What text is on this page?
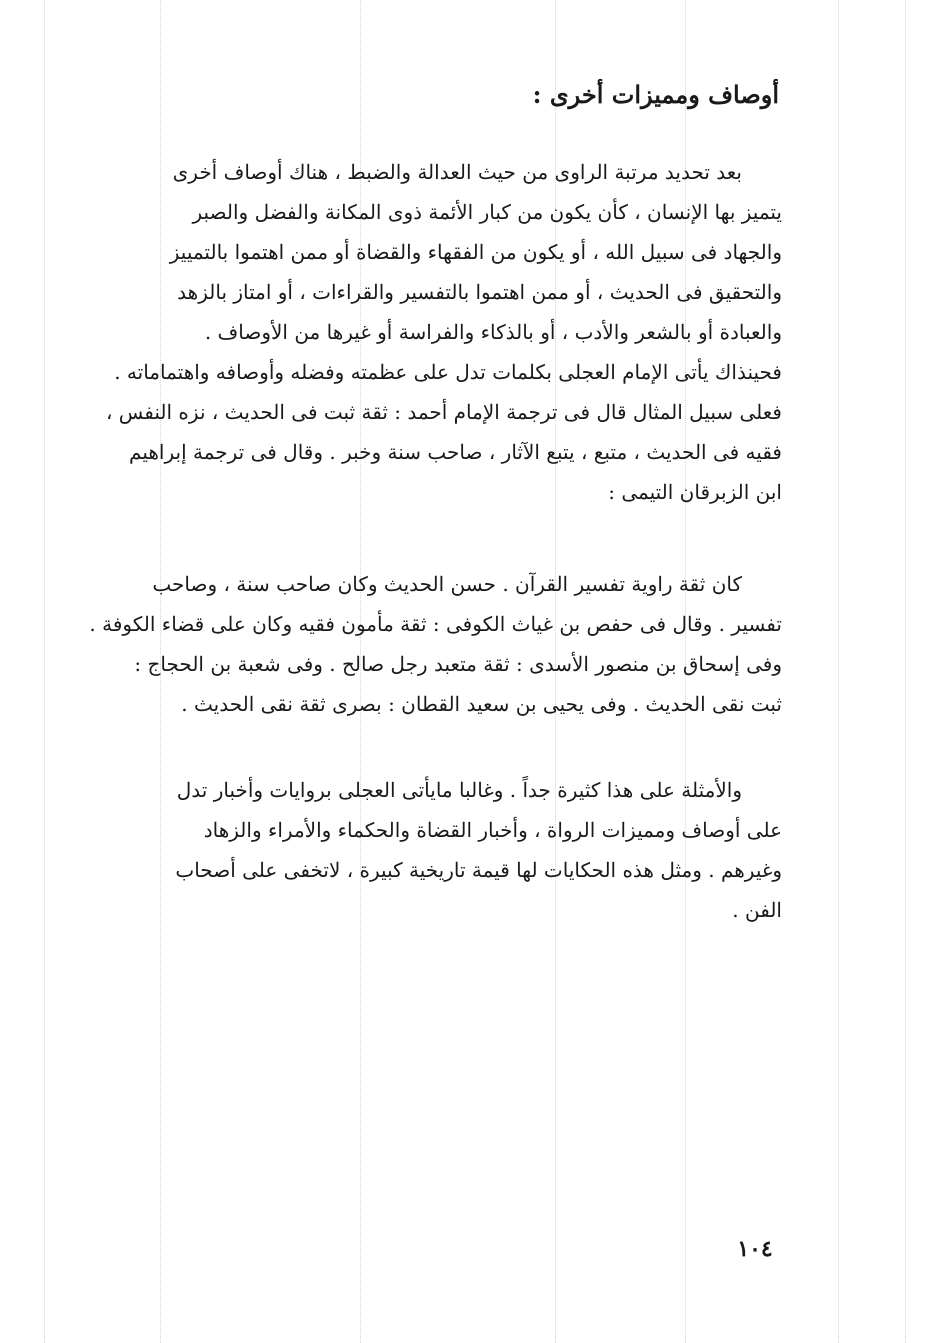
أوصاف ومميزات أخرى :
بعد تحديد مرتبة الراوى من حيث العدالة والضبط ، هناك أوصاف أخرى
يتميز بها الإنسان ، كأن يكون من كبار الأئمة ذوى المكانة والفضل والصبر
والجهاد فى سبيل الله ، أو يكون من الفقهاء والقضاة أو ممن اهتموا بالتمييز
والتحقيق فى الحديث ، أو ممن اهتموا بالتفسير والقراءات ، أو امتاز بالزهد
والعبادة أو بالشعر والأدب ، أو بالذكاء والفراسة أو غيرها من الأوصاف .
فحينذاك يأتى الإمام العجلى بكلمات تدل على عظمته وفضله وأوصافه واهتماماته .
فعلى سبيل المثال قال فى ترجمة الإمام أحمد : ثقة ثبت فى الحديث ، نزه النفس ،
فقيه فى الحديث ، متبع ، يتبع الآثار ، صاحب سنة وخبر . وقال فى ترجمة إبراهيم
ابن الزبرقان التيمى :
كان ثقة راوية تفسير القرآن . حسن الحديث وكان صاحب سنة ، وصاحب
تفسير . وقال فى حفص بن غياث الكوفى : ثقة مأمون فقيه وكان على قضاء الكوفة .
وفى إسحاق بن منصور الأسدى : ثقة متعبد رجل صالح . وفى شعبة بن الحجاج :
ثبت نقى الحديث . وفى يحيى بن سعيد القطان : بصرى ثقة نقى الحديث .
والأمثلة على هذا كثيرة جداً . وغالبا مايأتى العجلى بروايات وأخبار تدل
على أوصاف ومميزات الرواة ، وأخبار القضاة والحكماء والأمراء والزهاد
وغيرهم . ومثل هذه الحكايات لها قيمة تاريخية كبيرة ، لاتخفى على أصحاب
الفن .
١٠٤
